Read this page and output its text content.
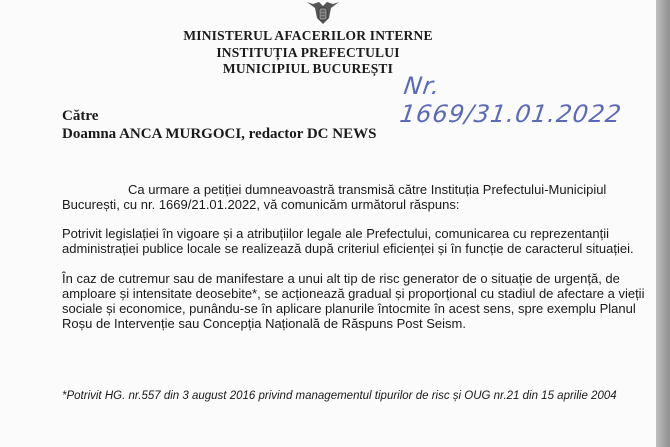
MINISTERUL AFACERILOR INTERNE
INSTITUȚIA PREFECTULUI
MUNICIPIUL BUCUREȘTI
Nr. 1669/31.01.2022
Către
Doamna ANCA MURGOCI, redactor DC NEWS

Ca urmare a petiției dumneavoastră transmisă către Instituția Prefectului-Municipiul București, cu nr. 1669/21.01.2022, vă comunicăm următorul răspuns:

Potrivit legislației în vigoare și a atribuțiilor legale ale Prefectului, comunicarea cu reprezentanții administrației publice locale se realizează după criteriul eficienței și în funcție de caracterul situației.

În caz de cutremur sau de manifestare a unui alt tip de risc generator de o situație de urgență, de amploare și intensitate deosebite*, se acționează gradual și proporțional cu stadiul de afectare a vieții sociale și economice, punându-se în aplicare planurile întocmite în acest sens, spre exemplu Planul Roșu de Intervenție sau Concepția Națională de Răspuns Post Seism.

*Potrivit HG. nr.557 din 3 august 2016 privind managementul tipurilor de risc și OUG nr.21 din 15 aprilie 2004
